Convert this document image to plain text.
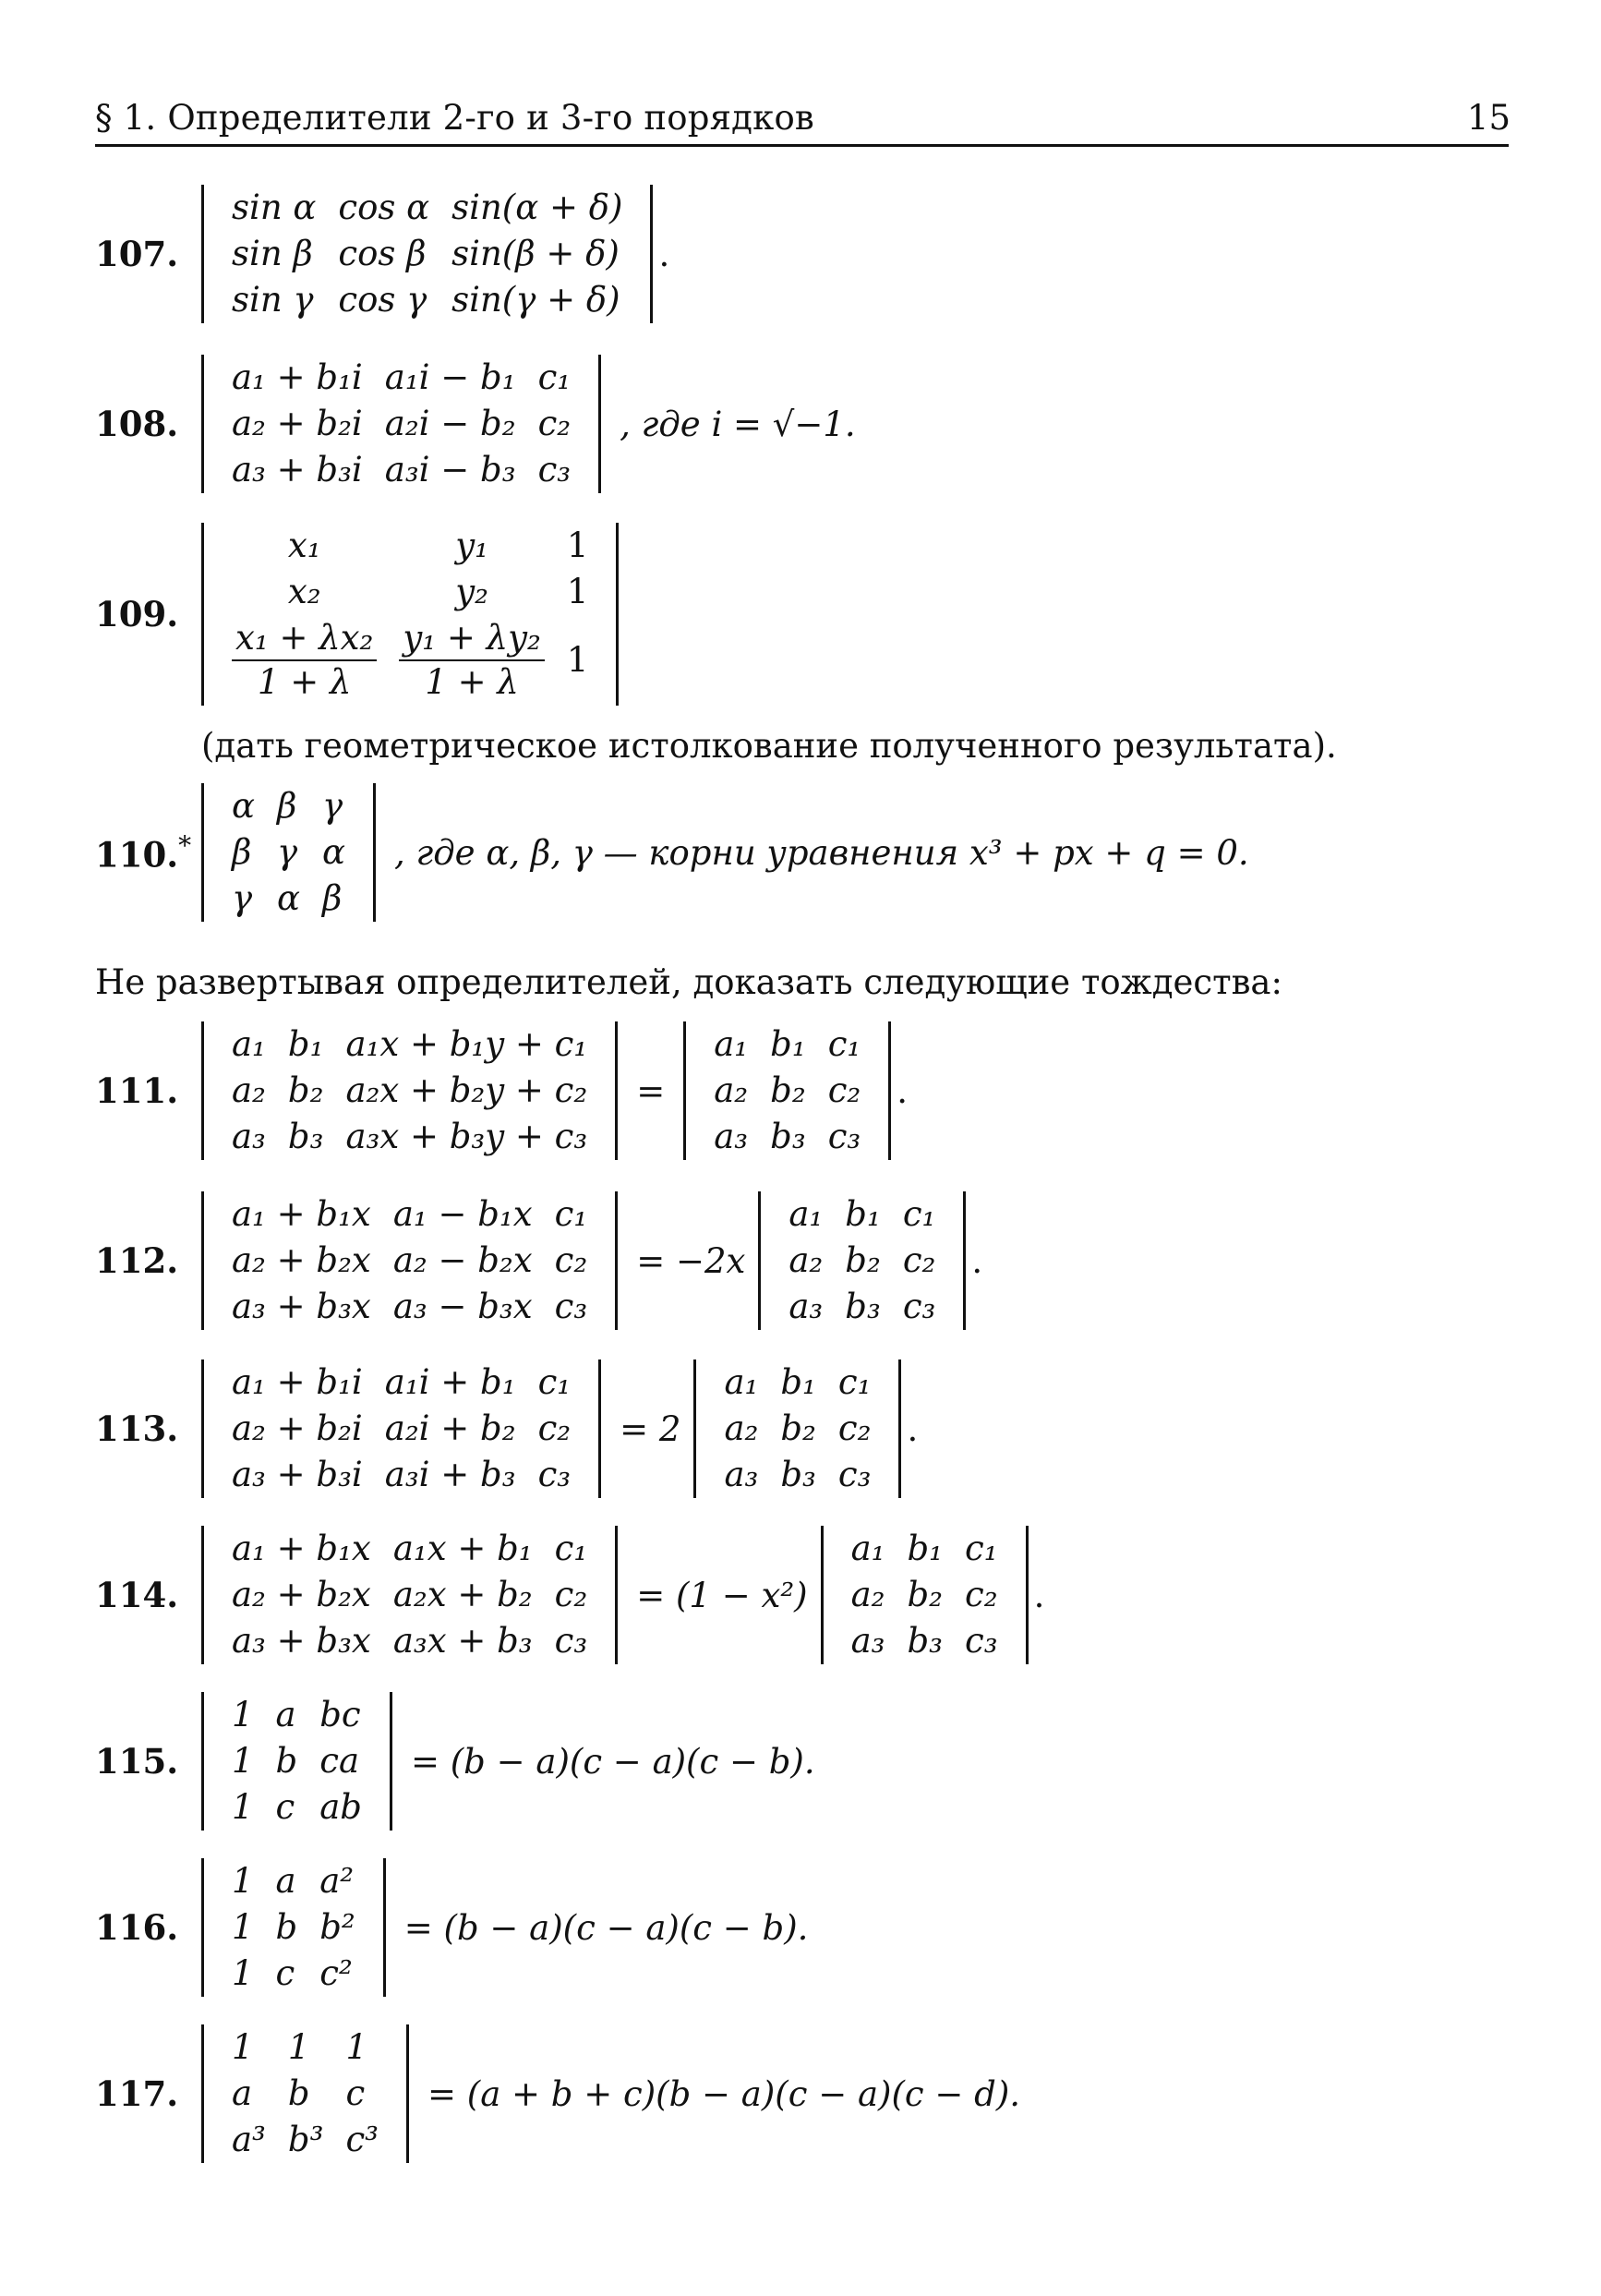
§ 1. Определители 2-го и 3-го порядков	15
107.
sin α	cos α	sin(α + δ)
sin β	cos β	sin(β + δ)
sin γ	cos γ	sin(γ + δ)
.
108.
a₁ + b₁i	a₁i − b₁	c₁
a₂ + b₂i	a₂i − b₂	c₂
a₃ + b₃i	a₃i − b₃	c₃
, где i = √−1.
109.
x₁	y₁	1
x₂	y₂	1

$\frac{\text{x₁ + λx₂}}{1 + \lambda}$	$\frac{\text{y₁ + λy₂}}{1 + \lambda}$	1
(дать геометрическое истолкование полученного результата).
110.*
α	β	γ
β	γ	α
γ	α	β
, где α, β, γ — корни уравнения x³ + px + q = 0.
Не развертывая определителей, доказать следующие тождества:
111.
a₁	b₁	a₁x + b₁y + c₁
a₂	b₂	a₂x + b₂y + c₂
a₃	b₃	a₃x + b₃y + c₃
=
a₁	b₁	c₁
a₂	b₂	c₂
a₃	b₃	c₃
.
112.
a₁ + b₁x	a₁ − b₁x	c₁
a₂ + b₂x	a₂ − b₂x	c₂
a₃ + b₃x	a₃ − b₃x	c₃
= −2x
a₁	b₁	c₁
a₂	b₂	c₂
a₃	b₃	c₃
.
113.
a₁ + b₁i	a₁i + b₁	c₁
a₂ + b₂i	a₂i + b₂	c₂
a₃ + b₃i	a₃i + b₃	c₃
= 2
a₁	b₁	c₁
a₂	b₂	c₂
a₃	b₃	c₃
.
114.
a₁ + b₁x	a₁x + b₁	c₁
a₂ + b₂x	a₂x + b₂	c₂
a₃ + b₃x	a₃x + b₃	c₃
= (1 − x²)
a₁	b₁	c₁
a₂	b₂	c₂
a₃	b₃	c₃
.
115.
1	a	bc
1	b	ca
1	c	ab
= (b − a)(c − a)(c − b).
116.
1	a	a²
1	b	b²
1	c	c²
= (b − a)(c − a)(c − b).
117.
1	1	1
a	b	c
a³	b³	c³
= (a + b + c)(b − a)(c − a)(c − d).
